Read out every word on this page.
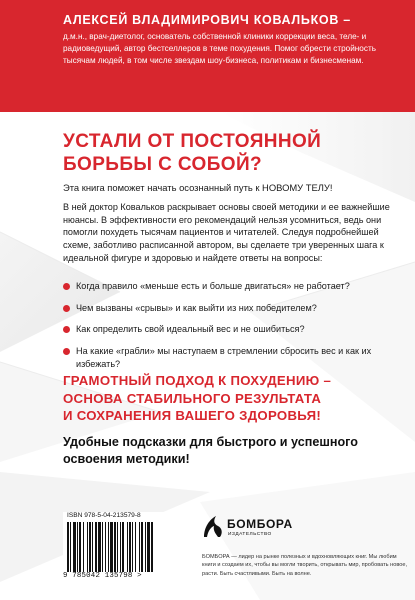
АЛЕКСЕЙ ВЛАДИМИРОВИЧ КОВАЛЬКОВ –
д.м.н., врач-диетолог, основатель собственной клиники коррекции веса, теле- и радиоведущий, автор бестселлеров в теме похудения. Помог обрести стройность тысячам людей, в том числе звездам шоу-бизнеса, политикам и бизнесменам.
УСТАЛИ ОТ ПОСТОЯННОЙ
БОРЬБЫ С СОБОЙ?
Эта книга поможет начать осознанный путь к НОВОМУ ТЕЛУ!
В ней доктор Ковальков раскрывает основы своей методики и ее важнейшие нюансы. В эффективности его рекомендаций нельзя усомниться, ведь они помогли похудеть тысячам пациентов и читателей. Следуя подробнейшей схеме, заботливо расписанной автором, вы сделаете три уверенных шага к идеальной фигуре и здоровью и найдете ответы на вопросы:
Когда правило «меньше есть и больше двигаться» не работает?
Чем вызваны «срывы» и как выйти из них победителем?
Как определить свой идеальный вес и не ошибиться?
На какие «грабли» мы наступаем в стремлении сбросить вес и как их избежать?
ГРАМОТНЫЙ ПОДХОД К ПОХУДЕНИЮ –
ОСНОВА СТАБИЛЬНОГО РЕЗУЛЬТАТА
И СОХРАНЕНИЯ ВАШЕГО ЗДОРОВЬЯ!
Удобные подсказки для быстрого и успешного
освоения методики!
ISBN 978-5-04-213579-8
9 785042 135798 >
БОМБОРА
ИЗДАТЕЛЬСТВО
БОМБОРА — лидер на рынке полезных и вдохновляющих книг. Мы любим книги и создаем их, чтобы вы могли творить, открывать мир, пробовать новое, расти. Быть счастливыми. Быть на волне.
